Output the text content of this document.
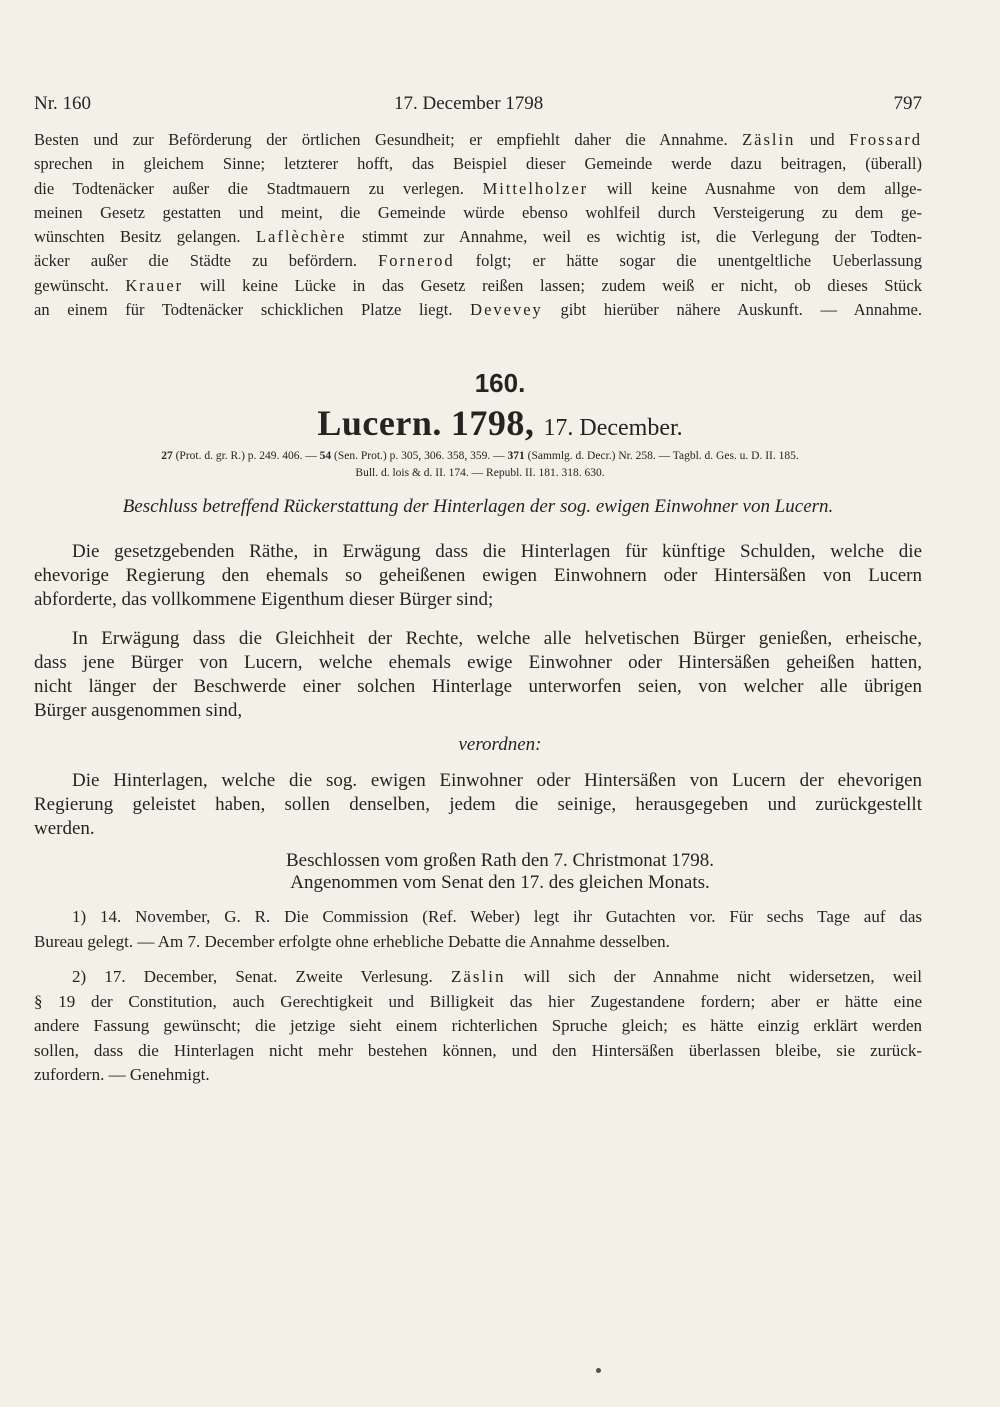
Nr. 160	17. December 1798	797

Besten und zur Beförderung der örtlichen Gesundheit; er empfiehlt daher die Annahme. Zäslin und Frossard

sprechen in gleichem Sinne; letzterer hofft, das Beispiel dieser Gemeinde werde dazu beitragen, (überall)

die Todtenäcker außer die Stadtmauern zu verlegen. Mittelholzer will keine Ausnahme von dem allge-

meinen Gesetz gestatten und meint, die Gemeinde würde ebenso wohlfeil durch Versteigerung zu dem ge-

wünschten Besitz gelangen. Laflèchère stimmt zur Annahme, weil es wichtig ist, die Verlegung der Todten-

äcker außer die Städte zu befördern. Fornerod folgt; er hätte sogar die unentgeltliche Ueberlassung

gewünscht. Krauer will keine Lücke in das Gesetz reißen lassen; zudem weiß er nicht, ob dieses Stück

an einem für Todtenäcker schicklichen Platze liegt. Devevey gibt hierüber nähere Auskunft. — Annahme.

160.
Lucern. 1798, 17. December.
27 (Prot. d. gr. R.) p. 249. 406. — 54 (Sen. Prot.) p. 305, 306. 358, 359. — 371 (Sammlg. d. Decr.) Nr. 258. — Tagbl. d. Ges. u. D. II. 185.
Bull. d. lois & d. II. 174. — Republ. II. 181. 318. 630.
Beschluss betreffend Rückerstattung der Hinterlagen der sog. ewigen Einwohner von Lucern.

Die gesetzgebenden Räthe, in Erwägung dass die Hinterlagen für künftige Schulden, welche die

ehevorige Regierung den ehemals so geheißenen ewigen Einwohnern oder Hintersäßen von Lucern

abforderte, das vollkommene Eigenthum dieser Bürger sind;

In Erwägung dass die Gleichheit der Rechte, welche alle helvetischen Bürger genießen, erheische,

dass jene Bürger von Lucern, welche ehemals ewige Einwohner oder Hintersäßen geheißen hatten,

nicht länger der Beschwerde einer solchen Hinterlage unterworfen seien, von welcher alle übrigen

Bürger ausgenommen sind,

verordnen:

Die Hinterlagen, welche die sog. ewigen Einwohner oder Hintersäßen von Lucern der ehevorigen

Regierung geleistet haben, sollen denselben, jedem die seinige, herausgegeben und zurückgestellt

werden.

Beschlossen vom großen Rath den 7. Christmonat 1798.
Angenommen vom Senat den 17. des gleichen Monats.

1) 14. November, G. R. Die Commission (Ref. Weber) legt ihr Gutachten vor. Für sechs Tage auf das

Bureau gelegt. — Am 7. December erfolgte ohne erhebliche Debatte die Annahme desselben.

2) 17. December, Senat. Zweite Verlesung. Zäslin will sich der Annahme nicht widersetzen, weil

§ 19 der Constitution, auch Gerechtigkeit und Billigkeit das hier Zugestandene fordern; aber er hätte eine

andere Fassung gewünscht; die jetzige sieht einem richterlichen Spruche gleich; es hätte einzig erklärt werden

sollen, dass die Hinterlagen nicht mehr bestehen können, und den Hintersäßen überlassen bleibe, sie zurück-

zufordern. — Genehmigt.
